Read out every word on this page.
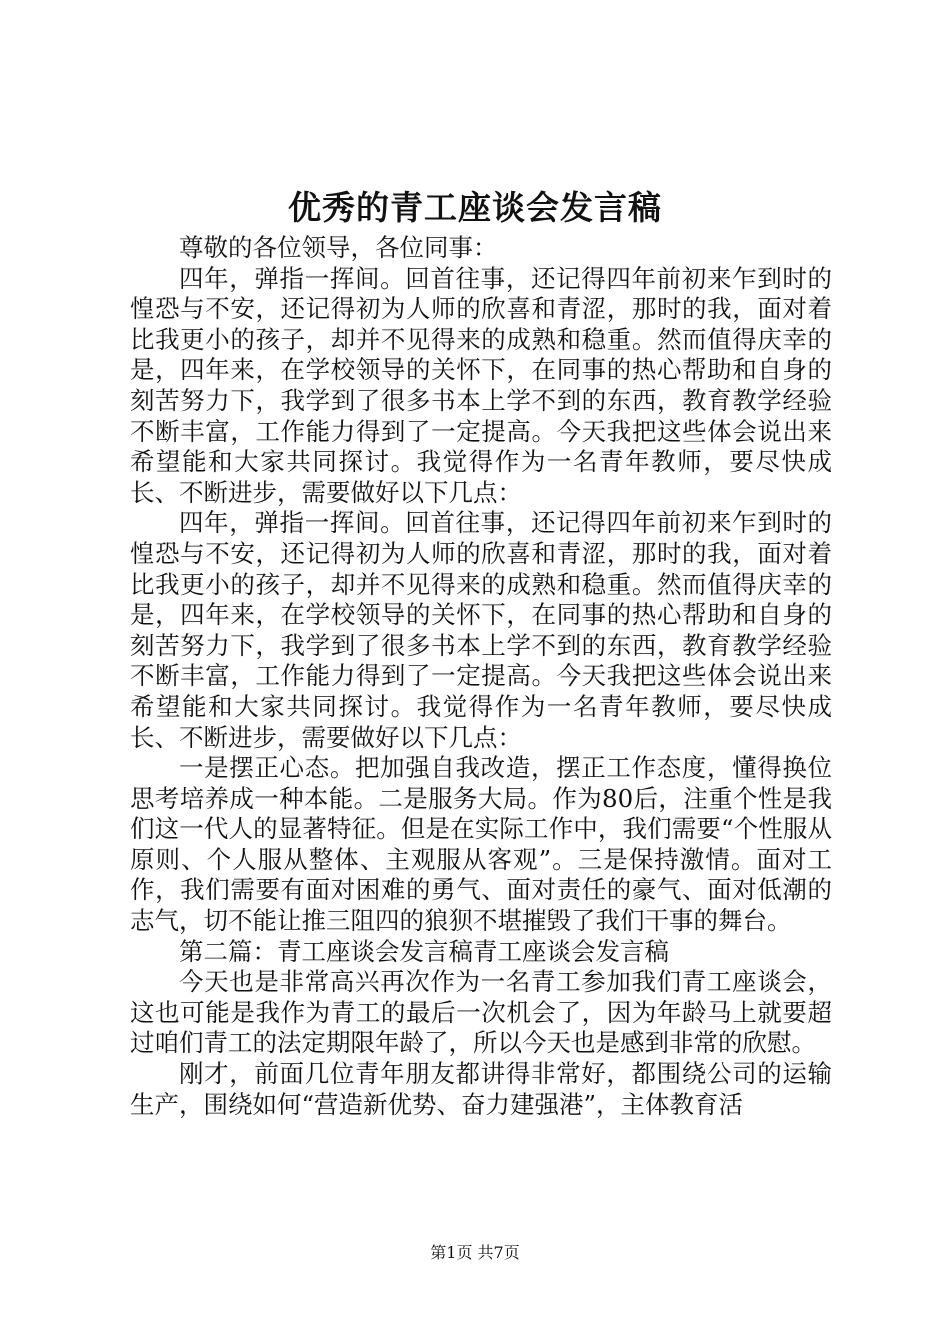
优秀的青工座谈会发言稿

尊敬的各位领导，各位同事：

四年，弹指一挥间。回首往事，还记得四年前初来乍到时的惶恐与不安，还记得初为人师的欣喜和青涩，那时的我，面对着比我更小的孩子，却并不见得来的成熟和稳重。然而值得庆幸的是，四年来，在学校领导的关怀下，在同事的热心帮助和自身的刻苦努力下，我学到了很多书本上学不到的东西，教育教学经验不断丰富，工作能力得到了一定提高。今天我把这些体会说出来希望能和大家共同探讨。我觉得作为一名青年教师，要尽快成长、不断进步，需要做好以下几点：

四年，弹指一挥间。回首往事，还记得四年前初来乍到时的惶恐与不安，还记得初为人师的欣喜和青涩，那时的我，面对着比我更小的孩子，却并不见得来的成熟和稳重。然而值得庆幸的是，四年来，在学校领导的关怀下，在同事的热心帮助和自身的刻苦努力下，我学到了很多书本上学不到的东西，教育教学经验不断丰富，工作能力得到了一定提高。今天我把这些体会说出来希望能和大家共同探讨。我觉得作为一名青年教师，要尽快成长、不断进步，需要做好以下几点：

一是摆正心态。把加强自我改造，摆正工作态度，懂得换位思考培养成一种本能。二是服务大局。作为80后，注重个性是我们这一代人的显著特征。但是在实际工作中，我们需要“个性服从原则、个人服从整体、主观服从客观”。三是保持激情。面对工作，我们需要有面对困难的勇气、面对责任的豪气、面对低潮的志气，切不能让推三阻四的狼狈不堪摧毁了我们干事的舞台。

第二篇：青工座谈会发言稿青工座谈会发言稿

今天也是非常高兴再次作为一名青工参加我们青工座谈会，这也可能是我作为青工的最后一次机会了，因为年龄马上就要超过咱们青工的法定期限年龄了，所以今天也是感到非常的欣慰。

刚才，前面几位青年朋友都讲得非常好，都围绕公司的运输生产，围绕如何“营造新优势、奋力建强港”，主体教育活

第1页 共7页
